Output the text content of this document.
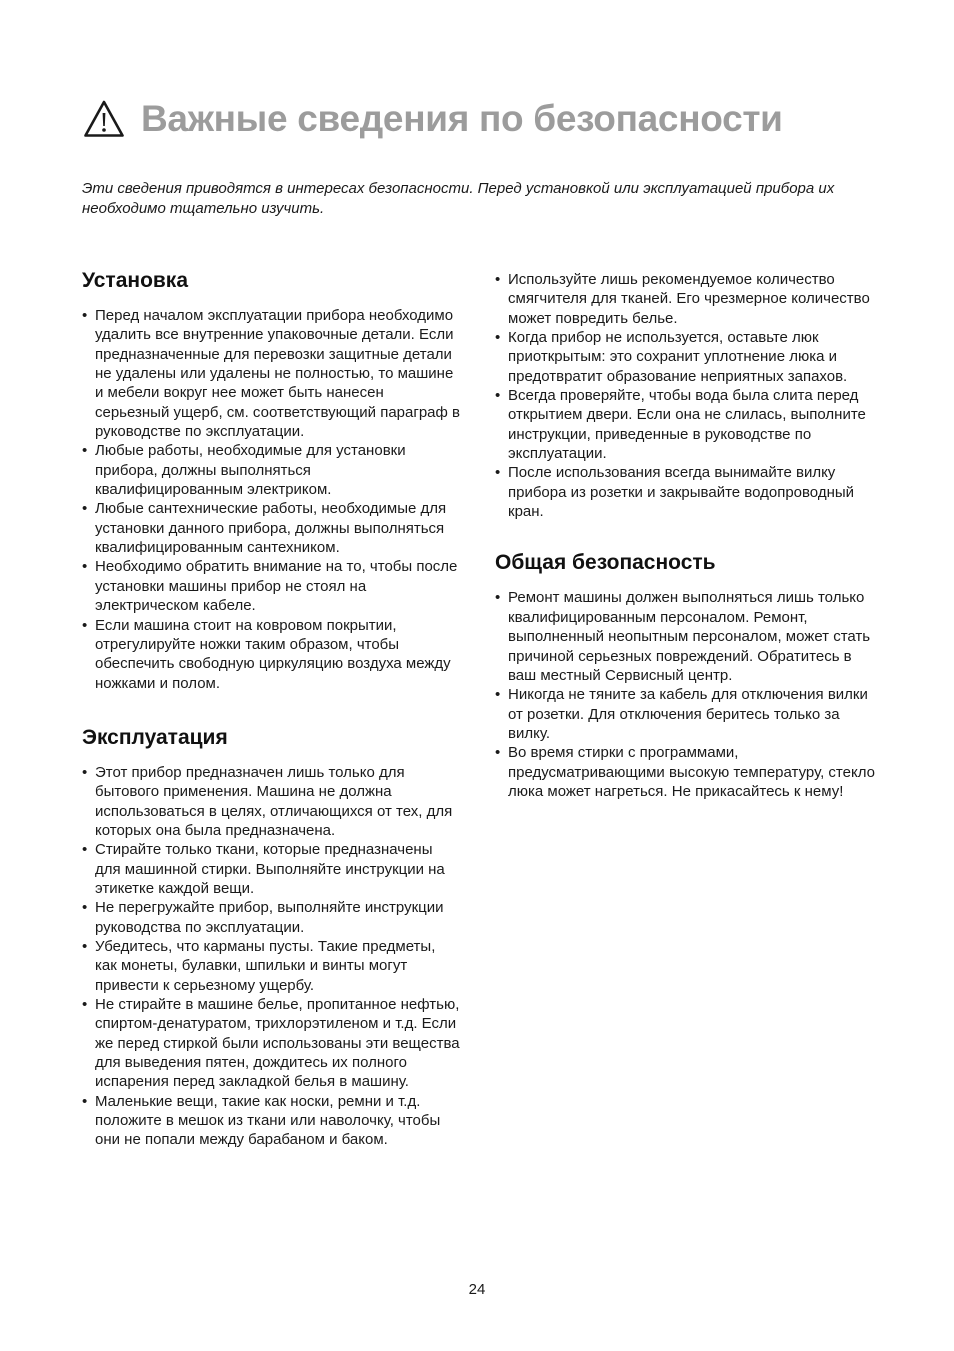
Важные сведения по безопасности

Эти сведения приводятся в интересах безопасности. Перед установкой или эксплуатацией прибора их необходимо тщательно изучить.

Установка
• Перед началом эксплуатации прибора необходимо удалить все внутренние упаковочные детали. Если предназначенные для перевозки защитные детали не удалены или удалены не полностью, то машине и мебели вокруг нее может быть нанесен серьезный ущерб, см. соответствующий параграф в руководстве по эксплуатации.
• Любые работы, необходимые для установки прибора, должны выполняться квалифицированным электриком.
• Любые сантехнические работы, необходимые для установки данного прибора, должны выполняться квалифицированным сантехником.
• Необходимо обратить внимание на то, чтобы после установки машины прибор не стоял на электрическом кабеле.
• Если машина стоит на ковровом покрытии, отрегулируйте ножки таким образом, чтобы обеспечить свободную циркуляцию воздуха между ножками и полом.
Эксплуатация
• Этот прибор предназначен лишь только для бытового применения. Машина не должна использоваться в целях, отличающихся от тех, для которых она была предназначена.
• Стирайте только ткани, которые предназначены для машинной стирки. Выполняйте инструкции на этикетке каждой вещи.
• Не перегружайте прибор, выполняйте инструкции руководства по эксплуатации.
• Убедитесь, что карманы пусты. Такие предметы, как монеты, булавки, шпильки и винты могут привести к серьезному ущербу.
• Не стирайте в машине белье, пропитанное нефтью, спиртом-денатуратом, трихлорэтиленом и т.д. Если же перед стиркой были использованы эти вещества для выведения пятен, дождитесь их полного испарения перед закладкой белья в машину.
• Маленькие вещи, такие как носки, ремни и т.д. положите в мешок из ткани или наволочку, чтобы они не попали между барабаном и баком.
• Используйте лишь рекомендуемое количество смягчителя для тканей. Его чрезмерное количество может повредить белье.
• Когда прибор не используется, оставьте люк приоткрытым: это сохранит уплотнение люка и предотвратит образование неприятных запахов.
• Всегда проверяйте, чтобы вода была слита перед открытием двери. Если она не слилась, выполните инструкции, приведенные в руководстве по эксплуатации.
• После использования всегда вынимайте вилку прибора из розетки и закрывайте водопроводный кран.
Общая безопасность
• Ремонт машины должен выполняться лишь только квалифицированным персоналом. Ремонт, выполненный неопытным персоналом, может стать причиной серьезных повреждений. Обратитесь в ваш местный Сервисный центр.
• Никогда не тяните за кабель для отключения вилки от розетки. Для отключения беритесь только за вилку.
• Во время стирки с программами, предусматривающими высокую температуру, стекло люка может нагреться. Не прикасайтесь к нему!

24
